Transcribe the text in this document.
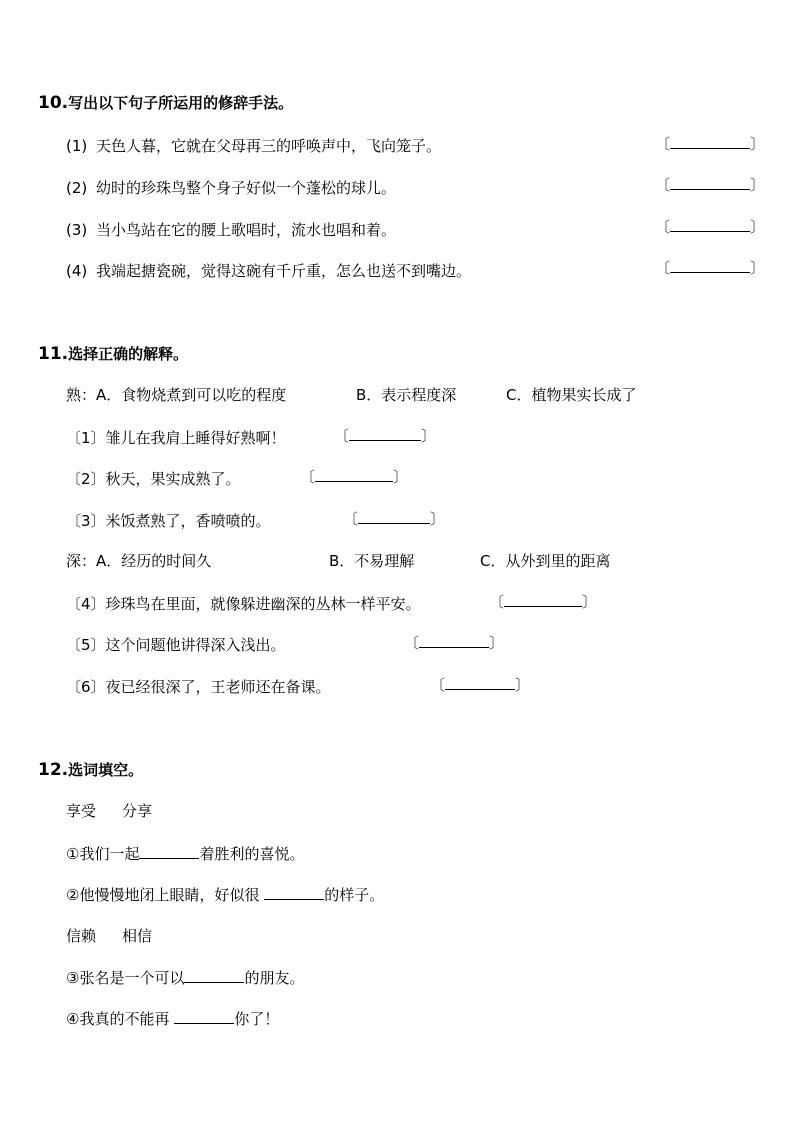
10.写出以下句子所运用的修辞手法。
(1) 天色人暮，它就在父母再三的呼唤声中，飞向笼子。	〔	〕
(2) 幼时的珍珠鸟整个身子好似一个蓬松的球儿。	〔	〕
(3) 当小鸟站在它的腰上歌唱时，流水也唱和着。	〔	〕
(4) 我端起搪瓷碗，觉得这碗有千斤重，怎么也送不到嘴边。	〔	〕
11.选择正确的解释。
熟：A．食物烧煮到可以吃的程度	B．表示程度深	C．植物果实长成了
〔1〕雏儿在我肩上睡得好熟啊！	〔	〕
〔2〕秋天，果实成熟了。	〔	〕
〔3〕米饭煮熟了，香喷喷的。	〔	〕
深：A．经历的时间久	B．不易理解	C．从外到里的距离
〔4〕珍珠鸟在里面，就像躲进幽深的丛林一样平安。	〔	〕
〔5〕这个问题他讲得深入浅出。	〔	〕
〔6〕夜已经很深了，王老师还在备课。	〔	〕
12.选词填空。
享受 分享
①我们一起	着胜利的喜悦。
②他慢慢地闭上眼睛，好似很	的样子。
信赖 相信
③张名是一个可以	的朋友。
④我真的不能再	你了！
